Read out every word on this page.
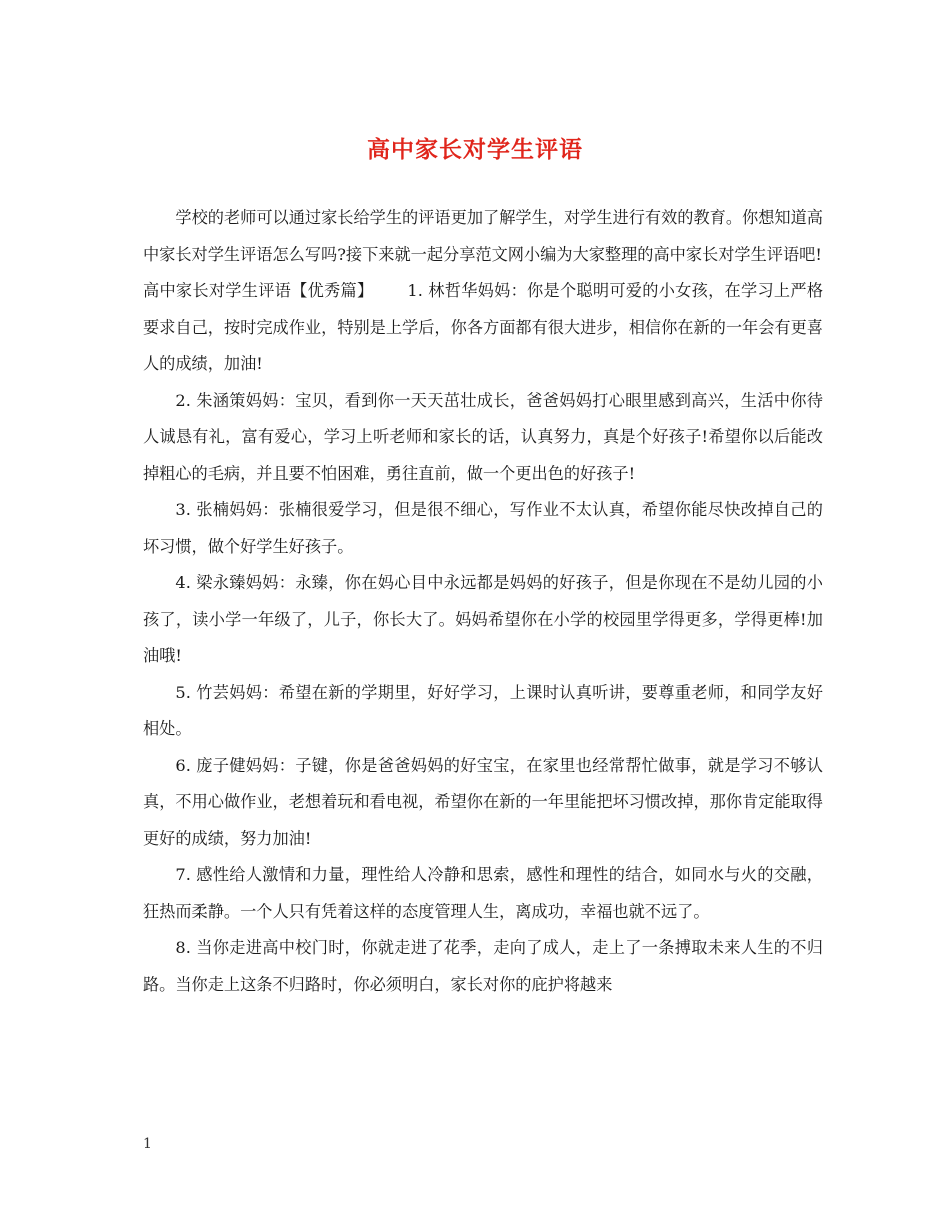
高中家长对学生评语

学校的老师可以通过家长给学生的评语更加了解学生，对学生进行有效的教育。你想知道高中家长对学生评语怎么写吗?接下来就一起分享范文网小编为大家整理的高中家长对学生评语吧!

高中家长对学生评语【优秀篇】 1. 林哲华妈妈：你是个聪明可爱的小女孩，在学习上严格要求自己，按时完成作业，特别是上学后，你各方面都有很大进步，相信你在新的一年会有更喜人的成绩，加油!

2. 朱涵策妈妈：宝贝，看到你一天天茁壮成长，爸爸妈妈打心眼里感到高兴，生活中你待人诚恳有礼，富有爱心，学习上听老师和家长的话，认真努力，真是个好孩子!希望你以后能改掉粗心的毛病，并且要不怕困难，勇往直前，做一个更出色的好孩子!

3. 张楠妈妈：张楠很爱学习，但是很不细心，写作业不太认真，希望你能尽快改掉自己的坏习惯，做个好学生好孩子。

4. 梁永臻妈妈：永臻，你在妈心目中永远都是妈妈的好孩子，但是你现在不是幼儿园的小孩了，读小学一年级了，儿子，你长大了。妈妈希望你在小学的校园里学得更多，学得更棒!加油哦!

5. 竹芸妈妈：希望在新的学期里，好好学习，上课时认真听讲，要尊重老师，和同学友好相处。

6. 庞子健妈妈：子键，你是爸爸妈妈的好宝宝，在家里也经常帮忙做事，就是学习不够认真，不用心做作业，老想着玩和看电视，希望你在新的一年里能把坏习惯改掉，那你肯定能取得更好的成绩，努力加油!

7. 感性给人激情和力量，理性给人冷静和思索，感性和理性的结合，如同水与火的交融，狂热而柔静。一个人只有凭着这样的态度管理人生，离成功，幸福也就不远了。

8. 当你走进高中校门时，你就走进了花季，走向了成人，走上了一条搏取未来人生的不归路。当你走上这条不归路时，你必须明白，家长对你的庇护将越来

1
